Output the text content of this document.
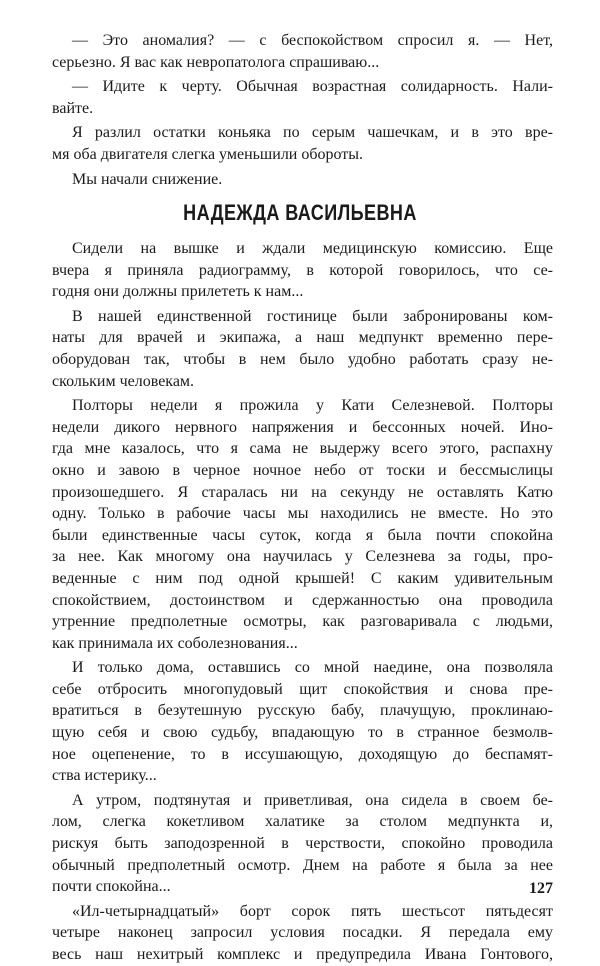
— Это аномалия? — с беспокойством спросил я. — Нет,
серьезно. Я вас как невропатолога спрашиваю...
— Идите к черту. Обычная возрастная солидарность. Нали-
вайте.
Я разлил остатки коньяка по серым чашечкам, и в это вре-
мя оба двигателя слегка уменьшили обороты.
Мы начали снижение.
НАДЕЖДА ВАСИЛЬЕВНА
Сидели на вышке и ждали медицинскую комиссию. Еще
вчера я приняла радиограмму, в которой говорилось, что се-
годня они должны прилететь к нам...
В нашей единственной гостинице были забронированы ком-
наты для врачей и экипажа, а наш медпункт временно пере-
оборудован так, чтобы в нем было удобно работать сразу не-
скольким человекам.
Полторы недели я прожила у Кати Селезневой. Полторы
недели дикого нервного напряжения и бессонных ночей. Ино-
гда мне казалось, что я сама не выдержу всего этого, распахну
окно и завою в черное ночное небо от тоски и бессмыслицы
произошедшего. Я старалась ни на секунду не оставлять Катю
одну. Только в рабочие часы мы находились не вместе. Но это
были единственные часы суток, когда я была почти спокойна
за нее. Как многому она научилась у Селезнева за годы, про-
веденные с ним под одной крышей! С каким удивительным
спокойствием, достоинством и сдержанностью она проводила
утренние предполетные осмотры, как разговаривала с людьми,
как принимала их соболезнования...
И только дома, оставшись со мной наедине, она позволяла
себе отбросить многопудовый щит спокойствия и снова пре-
вратиться в безутешную русскую бабу, плачущую, проклинаю-
щую себя и свою судьбу, впадающую то в странное безмолв-
ное оцепенение, то в иссушающую, доходящую до беспамят-
ства истерику...
А утром, подтянутая и приветливая, она сидела в своем бе-
лом, слегка кокетливом халатике за столом медпункта и,
рискуя быть заподозренной в черствости, спокойно проводила
обычный предполетный осмотр. Днем на работе я была за нее
почти спокойна...
«Ил-четырнадцатый» борт сорок пять шестьсот пятьдесят
четыре наконец запросил условия посадки. Я передала ему
весь наш нехитрый комплекс и предупредила Ивана Гонтового,
127
